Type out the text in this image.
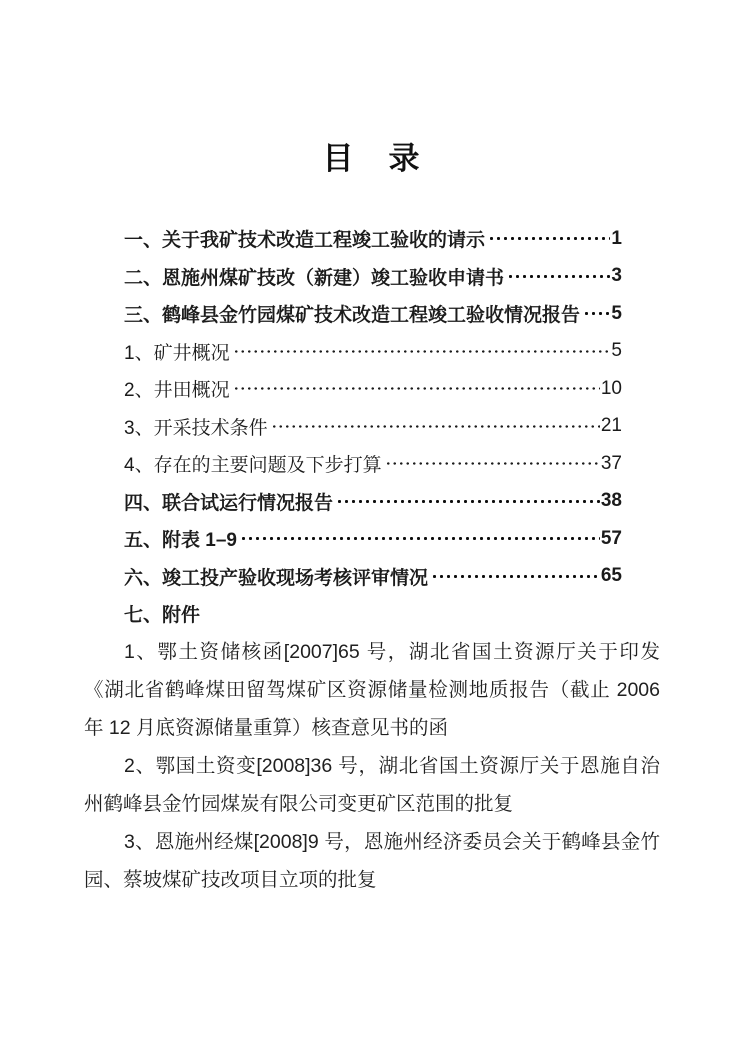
目　录
一、关于我矿技术改造工程竣工验收的请示	1
二、恩施州煤矿技改（新建）竣工验收申请书	3
三、鹤峰县金竹园煤矿技术改造工程竣工验收情况报告 5
1、矿井概况	5
2、井田概况	10
3、开采技术条件	21
4、存在的主要问题及下步打算	37
四、联合试运行情况报告	38
五、附表 1–9	57
六、竣工投产验收现场考核评审情况	65
七、附件

1、鄂土资储核函[2007]65 号，湖北省国土资源厅关于印发《湖北省鹤峰煤田留驾煤矿区资源储量检测地质报告（截止 2006 年 12 月底资源储量重算）核查意见书的函

2、鄂国土资变[2008]36 号，湖北省国土资源厅关于恩施自治州鹤峰县金竹园煤炭有限公司变更矿区范围的批复

3、恩施州经煤[2008]9 号，恩施州经济委员会关于鹤峰县金竹园、蔡坡煤矿技改项目立项的批复
